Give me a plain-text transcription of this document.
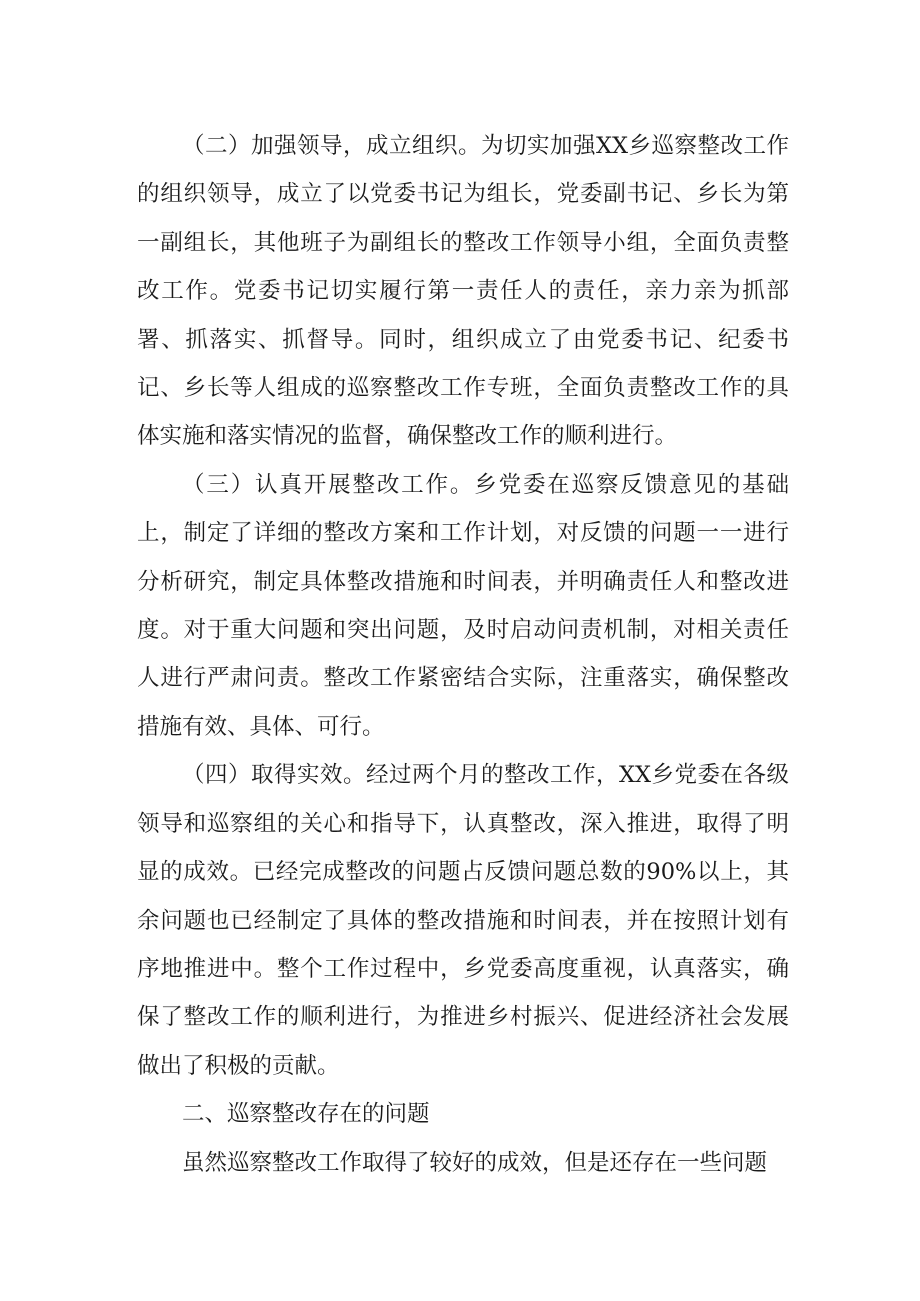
（二）加强领导，成立组织。为切实加强XX乡巡察整改工作的组织领导，成立了以党委书记为组长，党委副书记、乡长为第一副组长，其他班子为副组长的整改工作领导小组，全面负责整改工作。党委书记切实履行第一责任人的责任，亲力亲为抓部署、抓落实、抓督导。同时，组织成立了由党委书记、纪委书记、乡长等人组成的巡察整改工作专班，全面负责整改工作的具体实施和落实情况的监督，确保整改工作的顺利进行。

（三）认真开展整改工作。乡党委在巡察反馈意见的基础上，制定了详细的整改方案和工作计划，对反馈的问题一一进行分析研究，制定具体整改措施和时间表，并明确责任人和整改进度。对于重大问题和突出问题，及时启动问责机制，对相关责任人进行严肃问责。整改工作紧密结合实际，注重落实，确保整改措施有效、具体、可行。

（四）取得实效。经过两个月的整改工作，XX乡党委在各级领导和巡察组的关心和指导下，认真整改，深入推进，取得了明显的成效。已经完成整改的问题占反馈问题总数的90%以上，其余问题也已经制定了具体的整改措施和时间表，并在按照计划有序地推进中。整个工作过程中，乡党委高度重视，认真落实，确保了整改工作的顺利进行，为推进乡村振兴、促进经济社会发展做出了积极的贡献。

二、巡察整改存在的问题

虽然巡察整改工作取得了较好的成效，但是还存在一些问题
